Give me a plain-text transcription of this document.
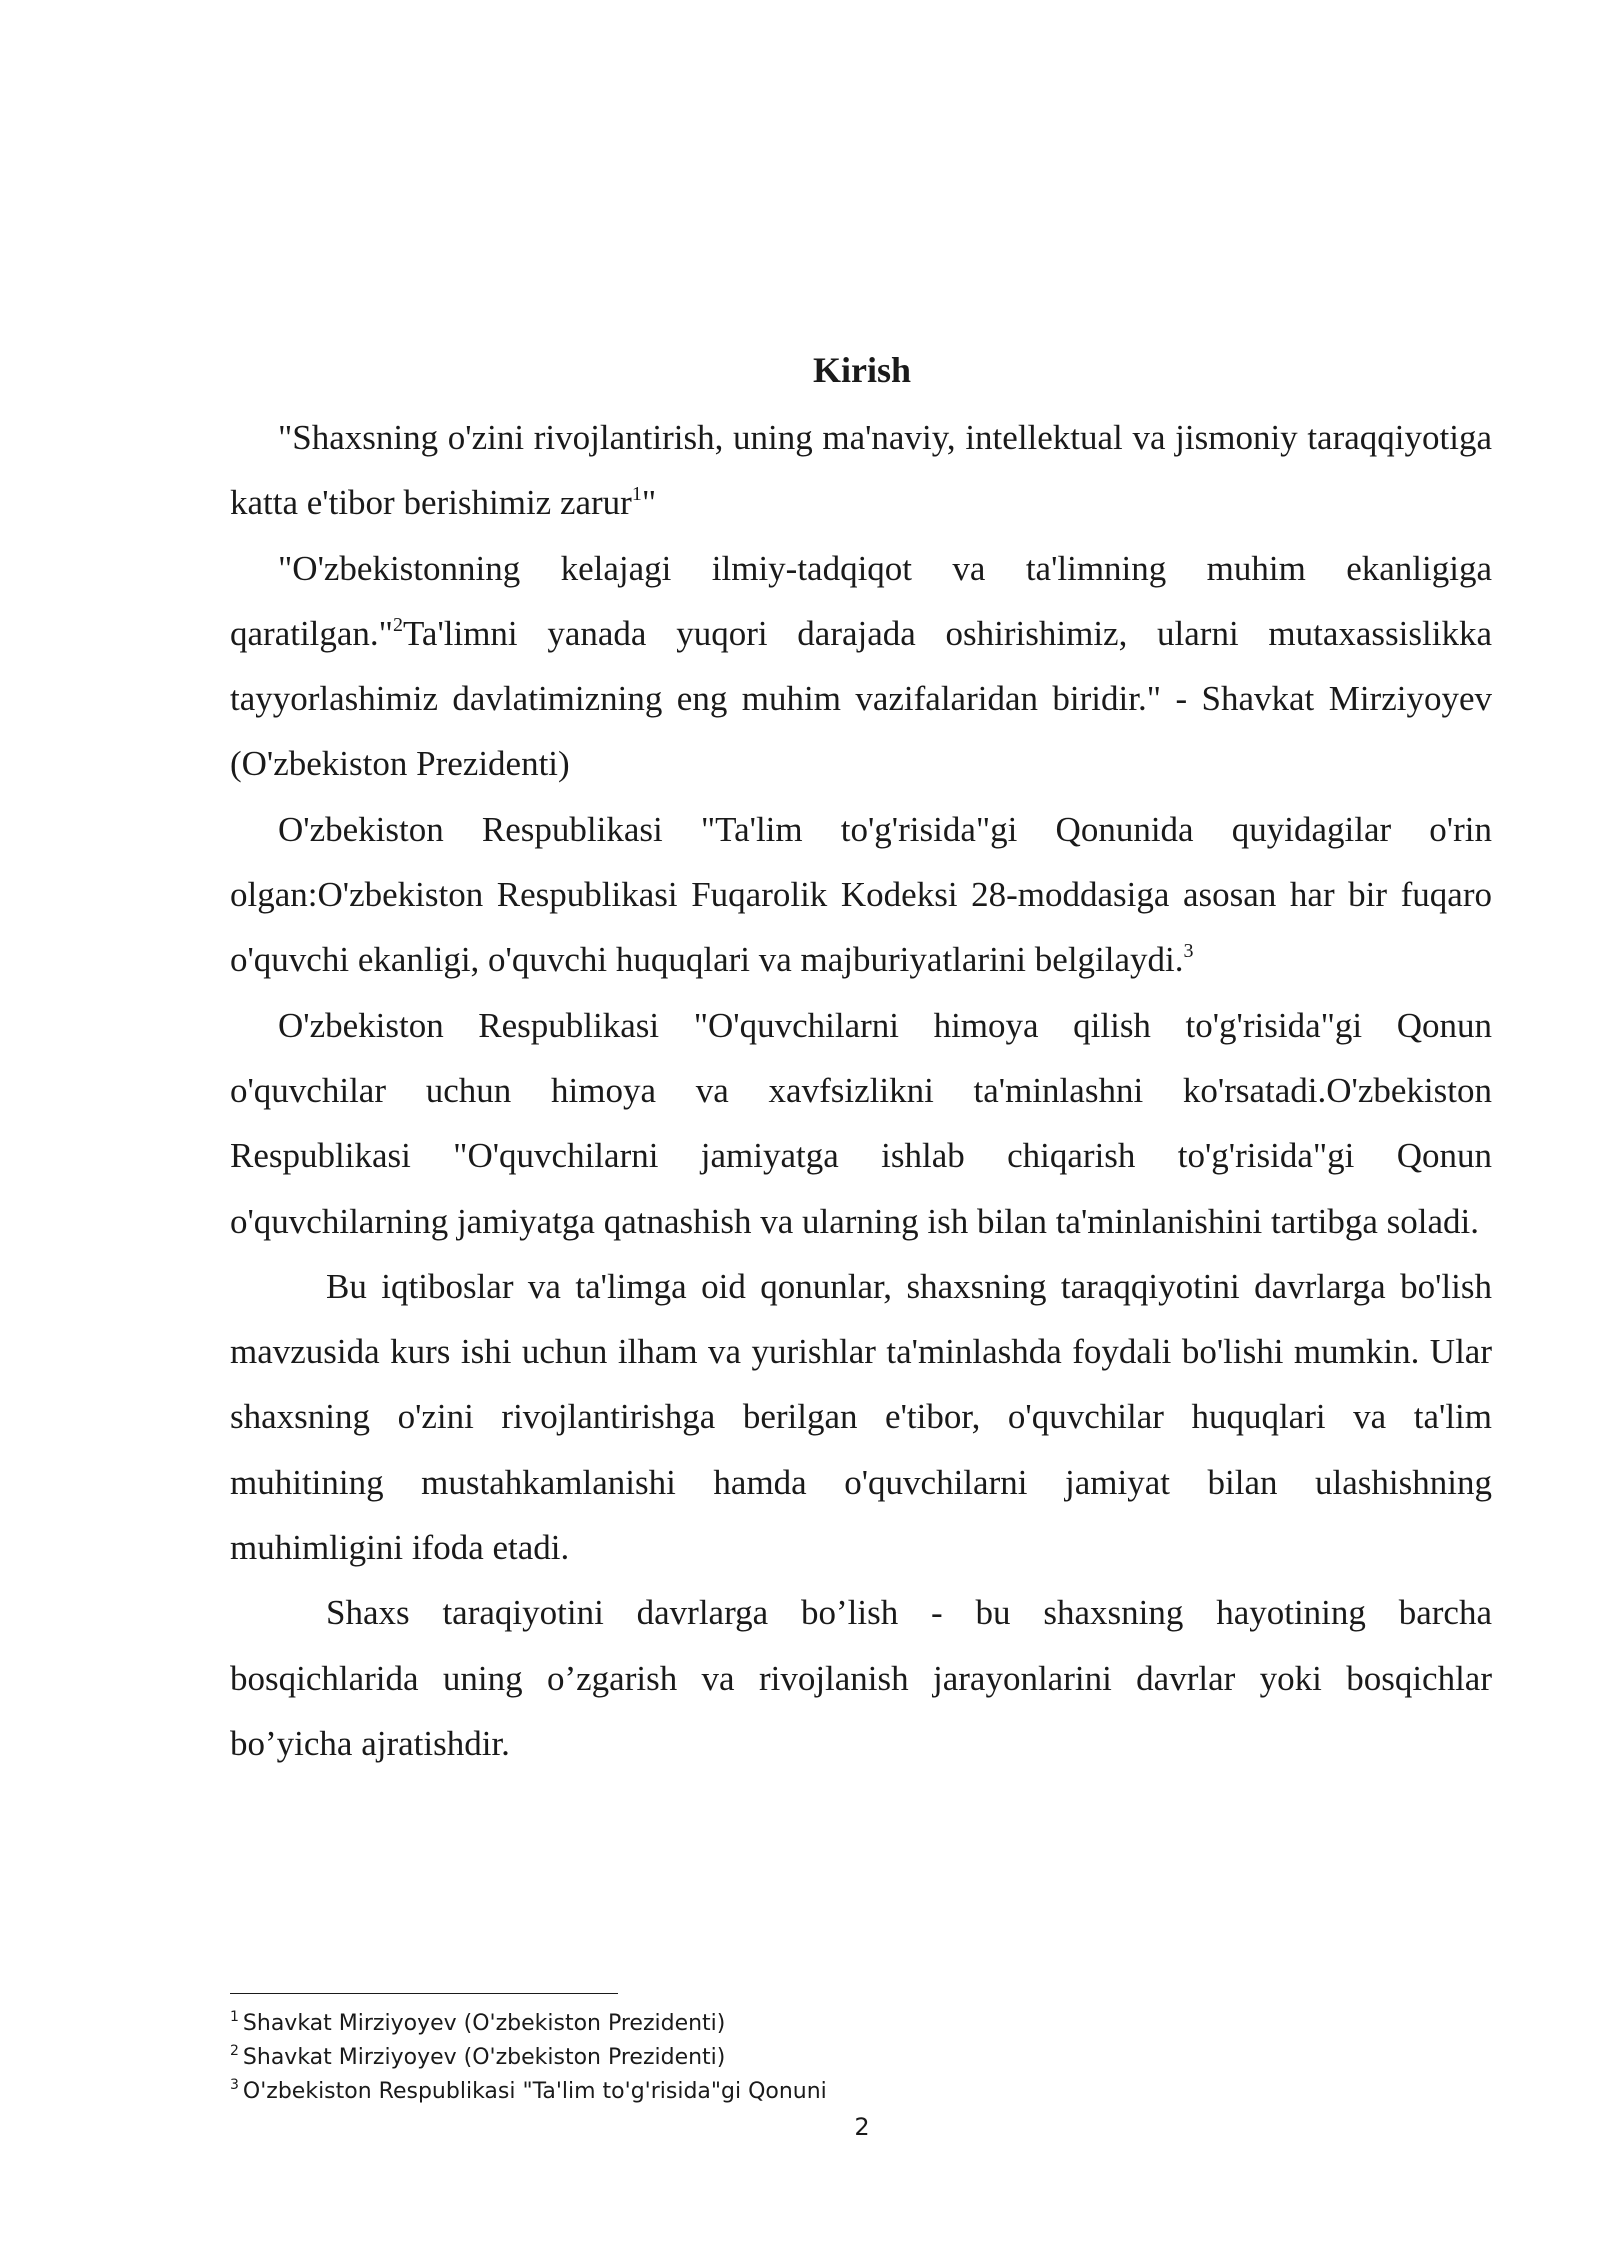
Kirish

"Shaxsning o'zini rivojlantirish, uning ma'naviy, intellektual va jismoniy taraqqiyotiga katta e'tibor berishimiz zarur$^1$"

"O'zbekistonning kelajagi ilmiy-tadqiqot va ta'limning muhim ekanligiga qaratilgan."$^2$Ta'limni yanada yuqori darajada oshirishimiz, ularni mutaxassislikka tayyorlashimiz davlatimizning eng muhim vazifalaridan biridir." - Shavkat Mirziyoyev (O'zbekiston Prezidenti)

O'zbekiston Respublikasi "Ta'lim to'g'risida"gi Qonunida quyidagilar o'rin olgan:O'zbekiston Respublikasi Fuqarolik Kodeksi 28-moddasiga asosan har bir fuqaro o'quvchi ekanligi, o'quvchi huquqlari va majburiyatlarini belgilaydi.$^3$

O'zbekiston Respublikasi "O'quvchilarni himoya qilish to'g'risida"gi Qonun o'quvchilar uchun himoya va xavfsizlikni ta'minlashni ko'rsatadi.O'zbekiston Respublikasi "O'quvchilarni jamiyatga ishlab chiqarish to'g'risida"gi Qonun o'quvchilarning jamiyatga qatnashish va ularning ish bilan ta'minlanishini tartibga soladi.

Bu iqtiboslar va ta'limga oid qonunlar, shaxsning taraqqiyotini davrlarga bo'lish mavzusida kurs ishi uchun ilham va yurishlar ta'minlashda foydali bo'lishi mumkin. Ular shaxsning o'zini rivojlantirishga berilgan e'tibor, o'quvchilar huquqlari va ta'lim muhitining mustahkamlanishi hamda o'quvchilarni jamiyat bilan ulashishning muhimligini ifoda etadi.

Shaxs taraqiyotini davrlarga bo’lish - bu shaxsning hayotining barcha bosqichlarida uning o’zgarish va rivojlanish jarayonlarini davrlar yoki bosqichlar bo’yicha ajratishdir.

$^1$ Shavkat Mirziyoyev (O'zbekiston Prezidenti)
$^2$ Shavkat Mirziyoyev (O'zbekiston Prezidenti)
$^3$ O'zbekiston Respublikasi "Ta'lim to'g'risida"gi Qonuni
2
